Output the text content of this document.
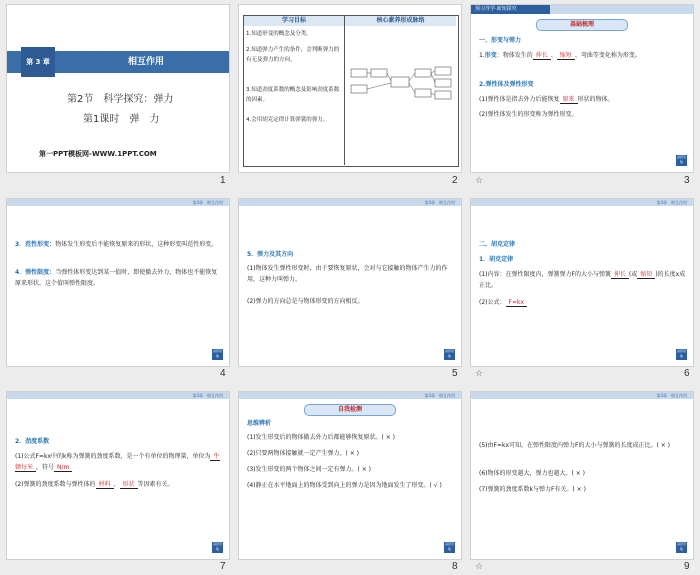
第 3 章	相互作用
第2节　科学探究：弹力
第1课时　弹　力
第一PPT模板网-WWW.1PPT.COM
1
学习目标	核心素养形成脉络
1.知道形变的概念及分类。
2.知道弹力产生的条件，会判断弹力的有无及弹力的方向。
3.知道劲度系数的概念及影响劲度系数的因素。
4.会用胡克定律计算弹簧的弹力。
2
预习导学·新知探究
基础梳理
一、形变与弹力
1.形变：物体发生的 伸长 、 缩短 、弯曲等变化称为形变。
2.弹性体及弹性形变
(1)弹性体是指去外力后能恢复 原来 形状的物体。
(2)弹性体发生的形变称为弹性形变。
返回导航
☆	3
第3章　相互作用
3．范性形变：物体发生形变后不能恢复原来的形状，这种形变叫范性形变。
4．弹性限度：当弹性体形变达到某一值时，即使撤去外力，物体也不能恢复原来形状，这个值叫弹性限度。
返回导航
4
第3章　相互作用
5．弹力及其方向
(1)物体发生弹性形变时，由于要恢复原状，会对与它接触的物体产生力的作用，这种力叫弹力。
(2)弹力的方向总是与物体形变的方向相反。
返回导航
5
第3章　相互作用
二、胡克定律
1．胡克定律
(1)内容：在弹性限度内，弹簧弹力F的大小与弹簧 伸长 (或 缩短 )的长度x成正比。
(2)公式： F=kx
返回导航
☆	6
第3章　相互作用
2．劲度系数
(1)公式F=kx中的k称为弹簧的劲度系数，是一个有单位的物理量，单位为 牛顿每米 ，符号 N/m
(2)弹簧的劲度系数与弹性体的 材料 、 形状 等因素有关。
返回导航
7
第3章　相互作用
自我检测
思维辨析
(1)发生形变后的物体撤去外力后都能够恢复原状。( × )
(2)只要两物体接触就一定产生弹力。( × )
(3)发生形变的两个物体之间一定有弹力。( × )
(4)静止在水平地面上的物体受到向上的弹力是因为地面发生了形变。( √ )
返回导航
8
第3章　相互作用
(5)由F=kx可知，在弹性限度内弹力F的大小与弹簧的长度成正比。( × )
(6)物体的形变越大，弹力也越大。( × )
(7)弹簧的劲度系数k与弹力F有关。( × )
返回导航
☆	9
